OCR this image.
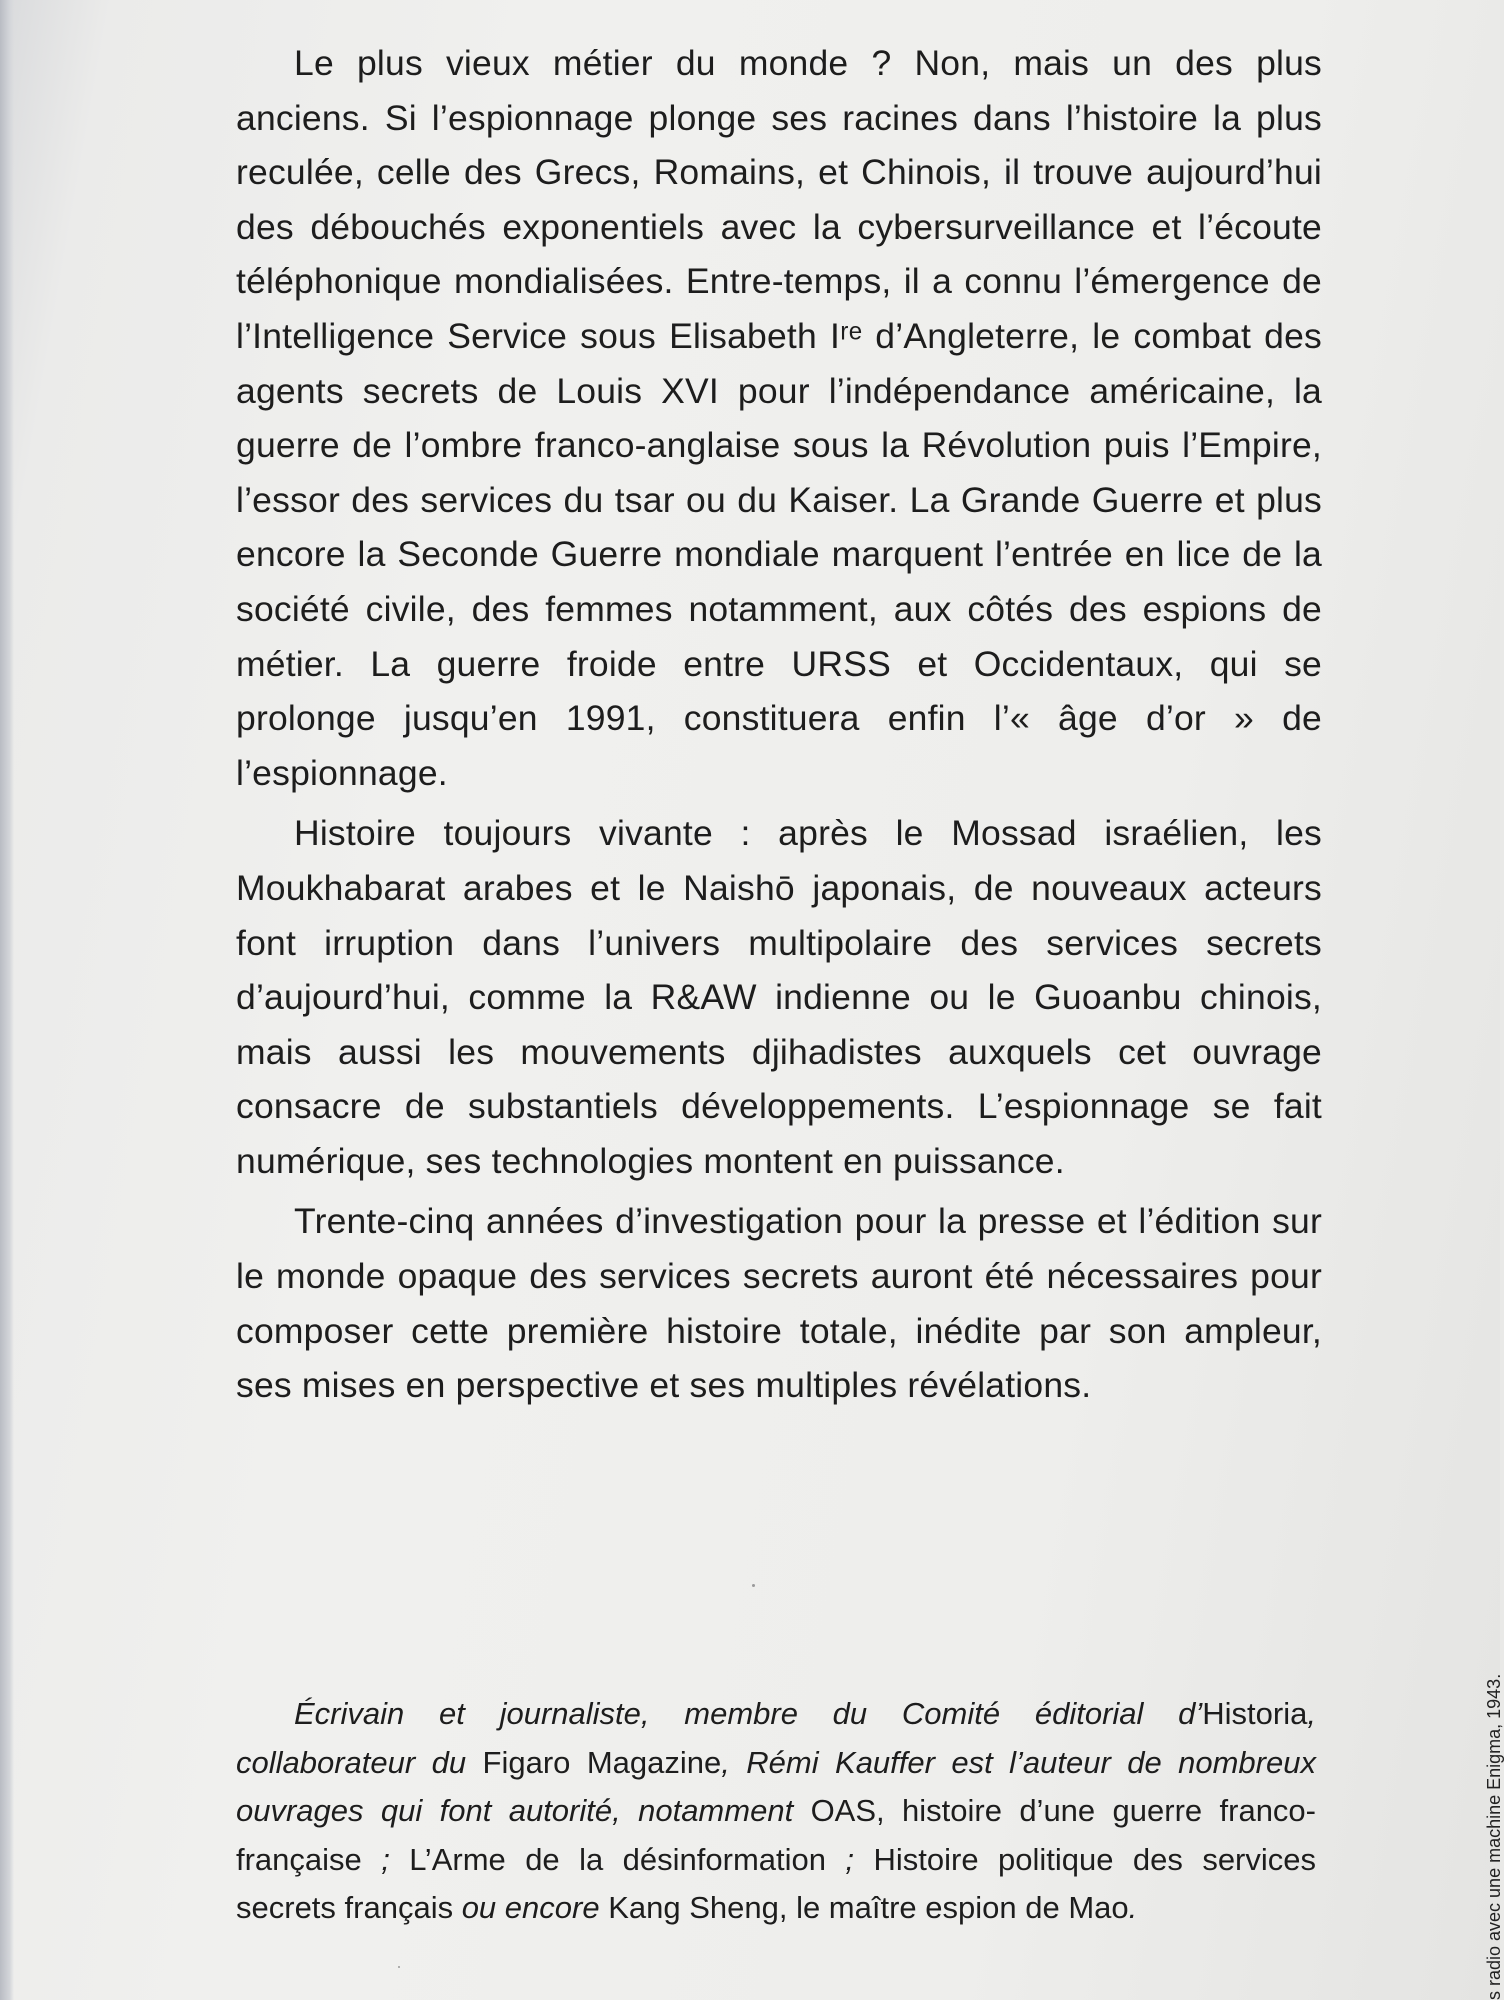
Le plus vieux métier du monde ? Non, mais un des plus anciens. Si l’espionnage plonge ses racines dans l’histoire la plus reculée, celle des Grecs, Romains, et Chinois, il trouve aujourd’hui des débouchés exponentiels avec la cybersurveillance et l’écoute téléphonique mondialisées. Entre-temps, il a connu l’émergence de l’Intelligence Service sous Elisabeth Iʳᵉ d’Angleterre, le combat des agents secrets de Louis XVI pour l’indépendance américaine, la guerre de l’ombre franco-anglaise sous la Révolution puis l’Empire, l’essor des services du tsar ou du Kaiser. La Grande Guerre et plus encore la Seconde Guerre mondiale marquent l’entrée en lice de la société civile, des femmes notamment, aux côtés des espions de métier. La guerre froide entre URSS et Occidentaux, qui se prolonge jusqu’en 1991, constituera enfin l’« âge d’or » de l’espionnage.

Histoire toujours vivante : après le Mossad israélien, les Moukhabarat arabes et le Naishō japonais, de nouveaux acteurs font irruption dans l’univers multipolaire des services secrets d’aujourd’hui, comme la R&AW indienne ou le Guoanbu chinois, mais aussi les mouvements djihadistes auxquels cet ouvrage consacre de substantiels développements. L’espionnage se fait numérique, ses technologies montent en puissance.

Trente-cinq années d’investigation pour la presse et l’édition sur le monde opaque des services secrets auront été nécessaires pour composer cette première histoire totale, inédite par son ampleur, ses mises en perspective et ses multiples révélations.

Écrivain et journaliste, membre du Comité éditorial d’Historia, collaborateur du Figaro Magazine, Rémi Kauffer est l’auteur de nombreux ouvrages qui font autorité, notamment OAS, histoire d’une guerre franco-française ; L’Arme de la désinformation ; Histoire politique des services secrets français ou encore Kang Sheng, le maître espion de Mao.	s radio avec une machine Enigma, 1943.
